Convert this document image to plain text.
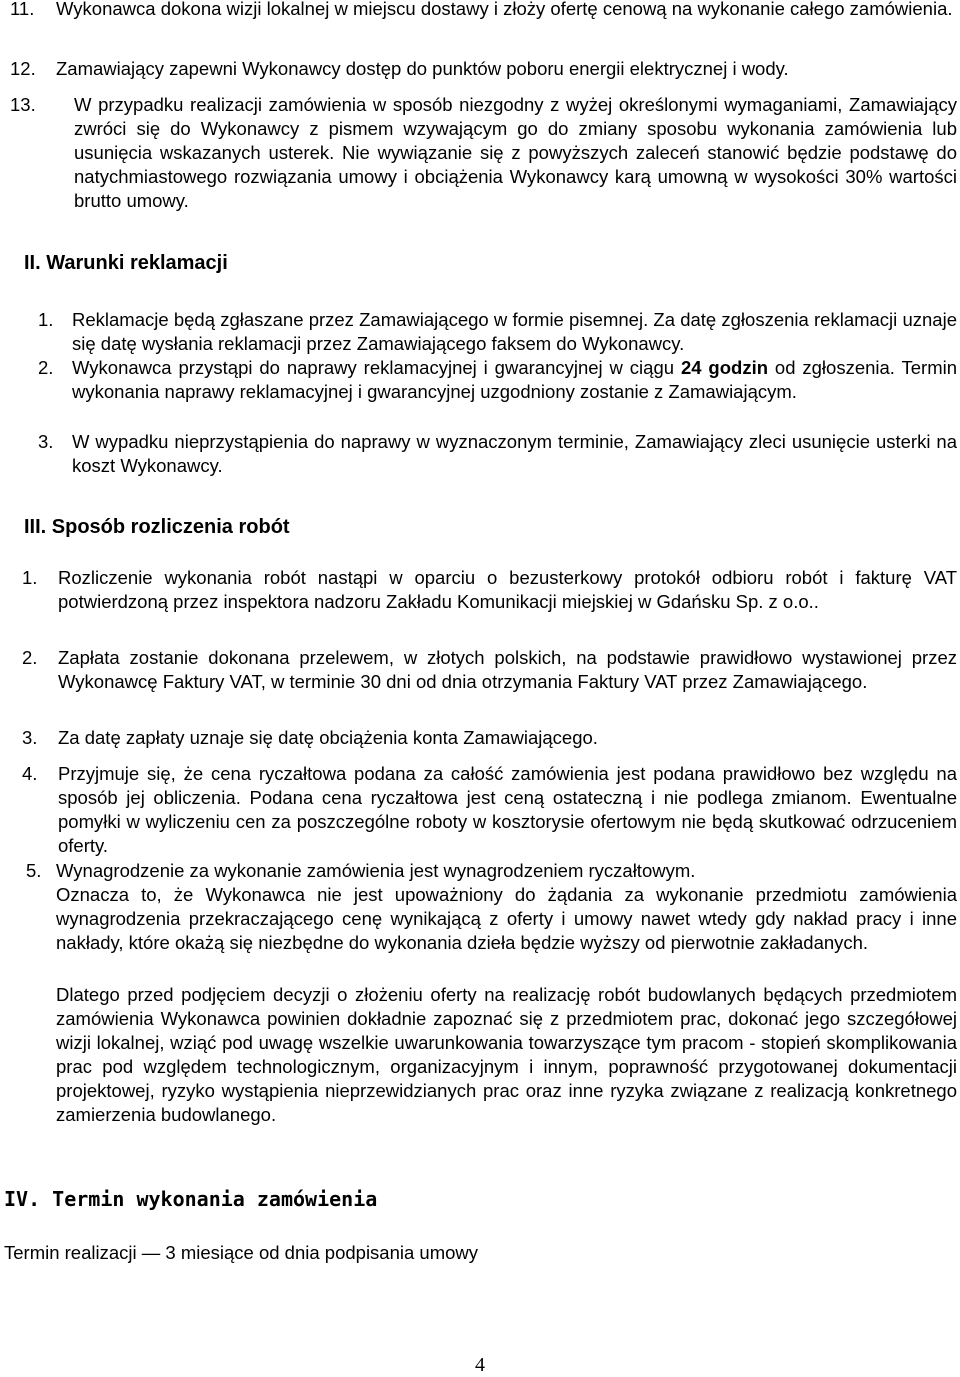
11.	Wykonawca dokona wizji lokalnej w miejscu dostawy i złoży ofertę cenową na wykonanie całego zamówienia.
12.	Zamawiający zapewni Wykonawcy dostęp do punktów poboru energii elektrycznej i wody.
13.	W przypadku realizacji zamówienia w sposób niezgodny z wyżej określonymi wymaganiami, Zamawiający zwróci się do Wykonawcy z pismem wzywającym go do zmiany sposobu wykonania zamówienia lub usunięcia wskazanych usterek. Nie wywiązanie się z powyższych zaleceń stanowić będzie podstawę do natychmiastowego rozwiązania umowy i obciążenia Wykonawcy karą umowną w wysokości 30% wartości brutto umowy.
II. Warunki reklamacji
1.	Reklamacje będą zgłaszane przez Zamawiającego w formie pisemnej. Za datę zgłoszenia reklamacji uznaje się datę wysłania reklamacji przez Zamawiającego faksem do Wykonawcy.
2.	Wykonawca przystąpi do naprawy reklamacyjnej i gwarancyjnej w ciągu 24 godzin od zgłoszenia. Termin wykonania naprawy reklamacyjnej i gwarancyjnej uzgodniony zostanie z Zamawiającym.
3.	W wypadku nieprzystąpienia do naprawy w wyznaczonym terminie, Zamawiający zleci usunięcie usterki na koszt Wykonawcy.
III. Sposób rozliczenia robót
1.	Rozliczenie wykonania robót nastąpi w oparciu o bezusterkowy protokół odbioru robót i fakturę VAT potwierdzoną przez inspektora nadzoru Zakładu Komunikacji miejskiej w Gdańsku Sp. z o.o..
2.	Zapłata zostanie dokonana przelewem, w złotych polskich, na podstawie prawidłowo wystawionej przez Wykonawcę Faktury VAT, w terminie 30 dni od dnia otrzymania Faktury VAT przez Zamawiającego.
3.	Za datę zapłaty uznaje się datę obciążenia konta Zamawiającego.
4.	Przyjmuje się, że cena ryczałtowa podana za całość zamówienia jest podana prawidłowo bez względu na sposób jej obliczenia. Podana cena ryczałtowa jest ceną ostateczną i nie podlega zmianom. Ewentualne pomyłki w wyliczeniu cen za poszczególne roboty w kosztorysie ofertowym nie będą skutkować odrzuceniem oferty.
5. Wynagrodzenie za wykonanie zamówienia jest wynagrodzeniem ryczałtowym.

Oznacza to, że Wykonawca nie jest upoważniony do żądania za wykonanie przedmiotu zamówienia wynagrodzenia przekraczającego cenę wynikającą z oferty i umowy nawet wtedy gdy nakład pracy i inne nakłady, które okażą się niezbędne do wykonania dzieła będzie wyższy od pierwotnie zakładanych.

Dlatego przed podjęciem decyzji o złożeniu oferty na realizację robót budowlanych będących przedmiotem zamówienia Wykonawca powinien dokładnie zapoznać się z przedmiotem prac, dokonać jego szczegółowej wizji lokalnej, wziąć pod uwagę wszelkie uwarunkowania towarzyszące tym pracom - stopień skomplikowania prac pod względem technologicznym, organizacyjnym i innym, poprawność przygotowanej dokumentacji projektowej, ryzyko wystąpienia nieprzewidzianych prac oraz inne ryzyka związane z realizacją konkretnego zamierzenia budowlanego.

IV. Termin wykonania zamówienia

Termin realizacji — 3 miesiące od dnia podpisania umowy

4
